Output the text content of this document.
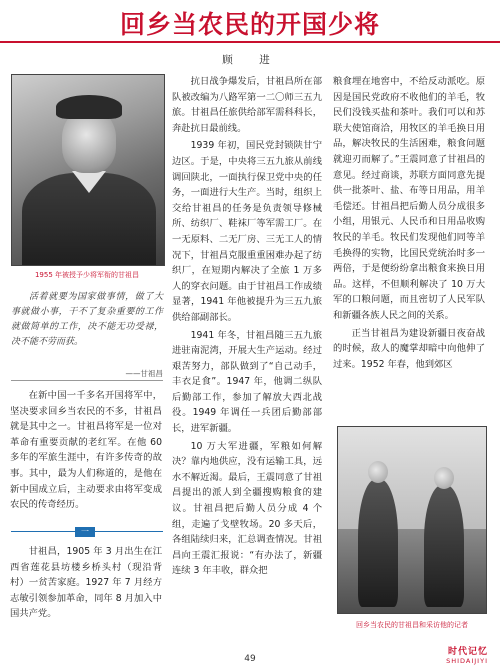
回乡当农民的开国少将
顾　进
1955 年被授予少将军衔的甘祖昌
活着就要为国家做事情，做了大事就做小事，干不了复杂重要的工作就做简单的工作，决不能无功受禄，决不能不劳而获。
——甘祖昌

在新中国一千多名开国将军中，坚决要求回乡当农民的不多，甘祖昌就是其中之一。甘祖昌将军是一位对革命有重要贡献的老红军。在他 60 多年的军旅生涯中，有许多传奇的故事。其中，最为人们称道的，是他在新中国成立后，主动要求由将军变成农民的传奇经历。

一

甘祖昌，1905 年 3 月出生在江西省莲花县坊楼乡桥头村（现沿背村）一贫苦家庭。1927 年 7 月经方志敏引领参加革命，同年 8 月加入中国共产党。

抗日战争爆发后，甘祖昌所在部队被改编为八路军第一二〇师三五九旅。甘祖昌任旅供给部军需科科长，奔赴抗日最前线。

1939 年初，国民党封锁陕甘宁边区。于是，中央将三五九旅从前线调回陕北，一面执行保卫党中央的任务，一面进行大生产。当时，组织上交给甘祖昌的任务是负责领导修械所、纺织厂、鞋袜厂等军需工厂。在一无原料、二无厂房、三无工人的情况下，甘祖昌克服重重困难办起了纺织厂，在短期内解决了全旅 1 万多人的穿衣问题。由于甘祖昌工作成绩显著，1941 年他被提升为三五九旅供给部副部长。

1941 年冬，甘祖昌随三五九旅进驻南泥湾，开展大生产运动。经过艰苦努力，部队做到了“自己动手，丰衣足食”。1947 年，他调二纵队后勤部工作，参加了解放大西北战役。1949 年调任一兵团后勤部部长，进军新疆。

10 万大军进疆，军粮如何解决？靠内地供应，没有运输工具，远水不解近渴。最后，王震同意了甘祖昌提出的派人到全疆搜购粮食的建议。甘祖昌把后勤人员分成 4 个组，走遍了戈壁牧场。20 多天后，各组陆续归来，汇总调查情况。甘祖昌向王震汇报说：“有办法了，新疆连续 3 年丰收，群众把

粮食埋在地窖中，不给反动派吃。原因是国民党政府不收他们的羊毛，牧民们没钱买盐和茶叶。我们可以和苏联大使馆商洽，用牧区的羊毛换日用品，解决牧民的生活困难，粮食问题就迎刃而解了。”王震同意了甘祖昌的意见。经过商谈，苏联方面同意先提供一批茶叶、盐、布等日用品，用羊毛偿还。甘祖昌把后勤人员分成很多小组，用银元、人民币和日用品收购牧民的羊毛。牧民们发现他们同等羊毛换得的实物，比国民党统治时多一两倍，于是便纷纷拿出粮食来换日用品。这样，不但顺利解决了 10 万大军的口粮问题，而且密切了人民军队和新疆各族人民之间的关系。

正当甘祖昌为建设新疆日夜奋战的时候，敌人的魔掌却暗中向他伸了过来。1952 年春，他到郊区

回乡当农民的甘祖昌和采访他的记者
49
时代记忆
SHIDAIJIYI
